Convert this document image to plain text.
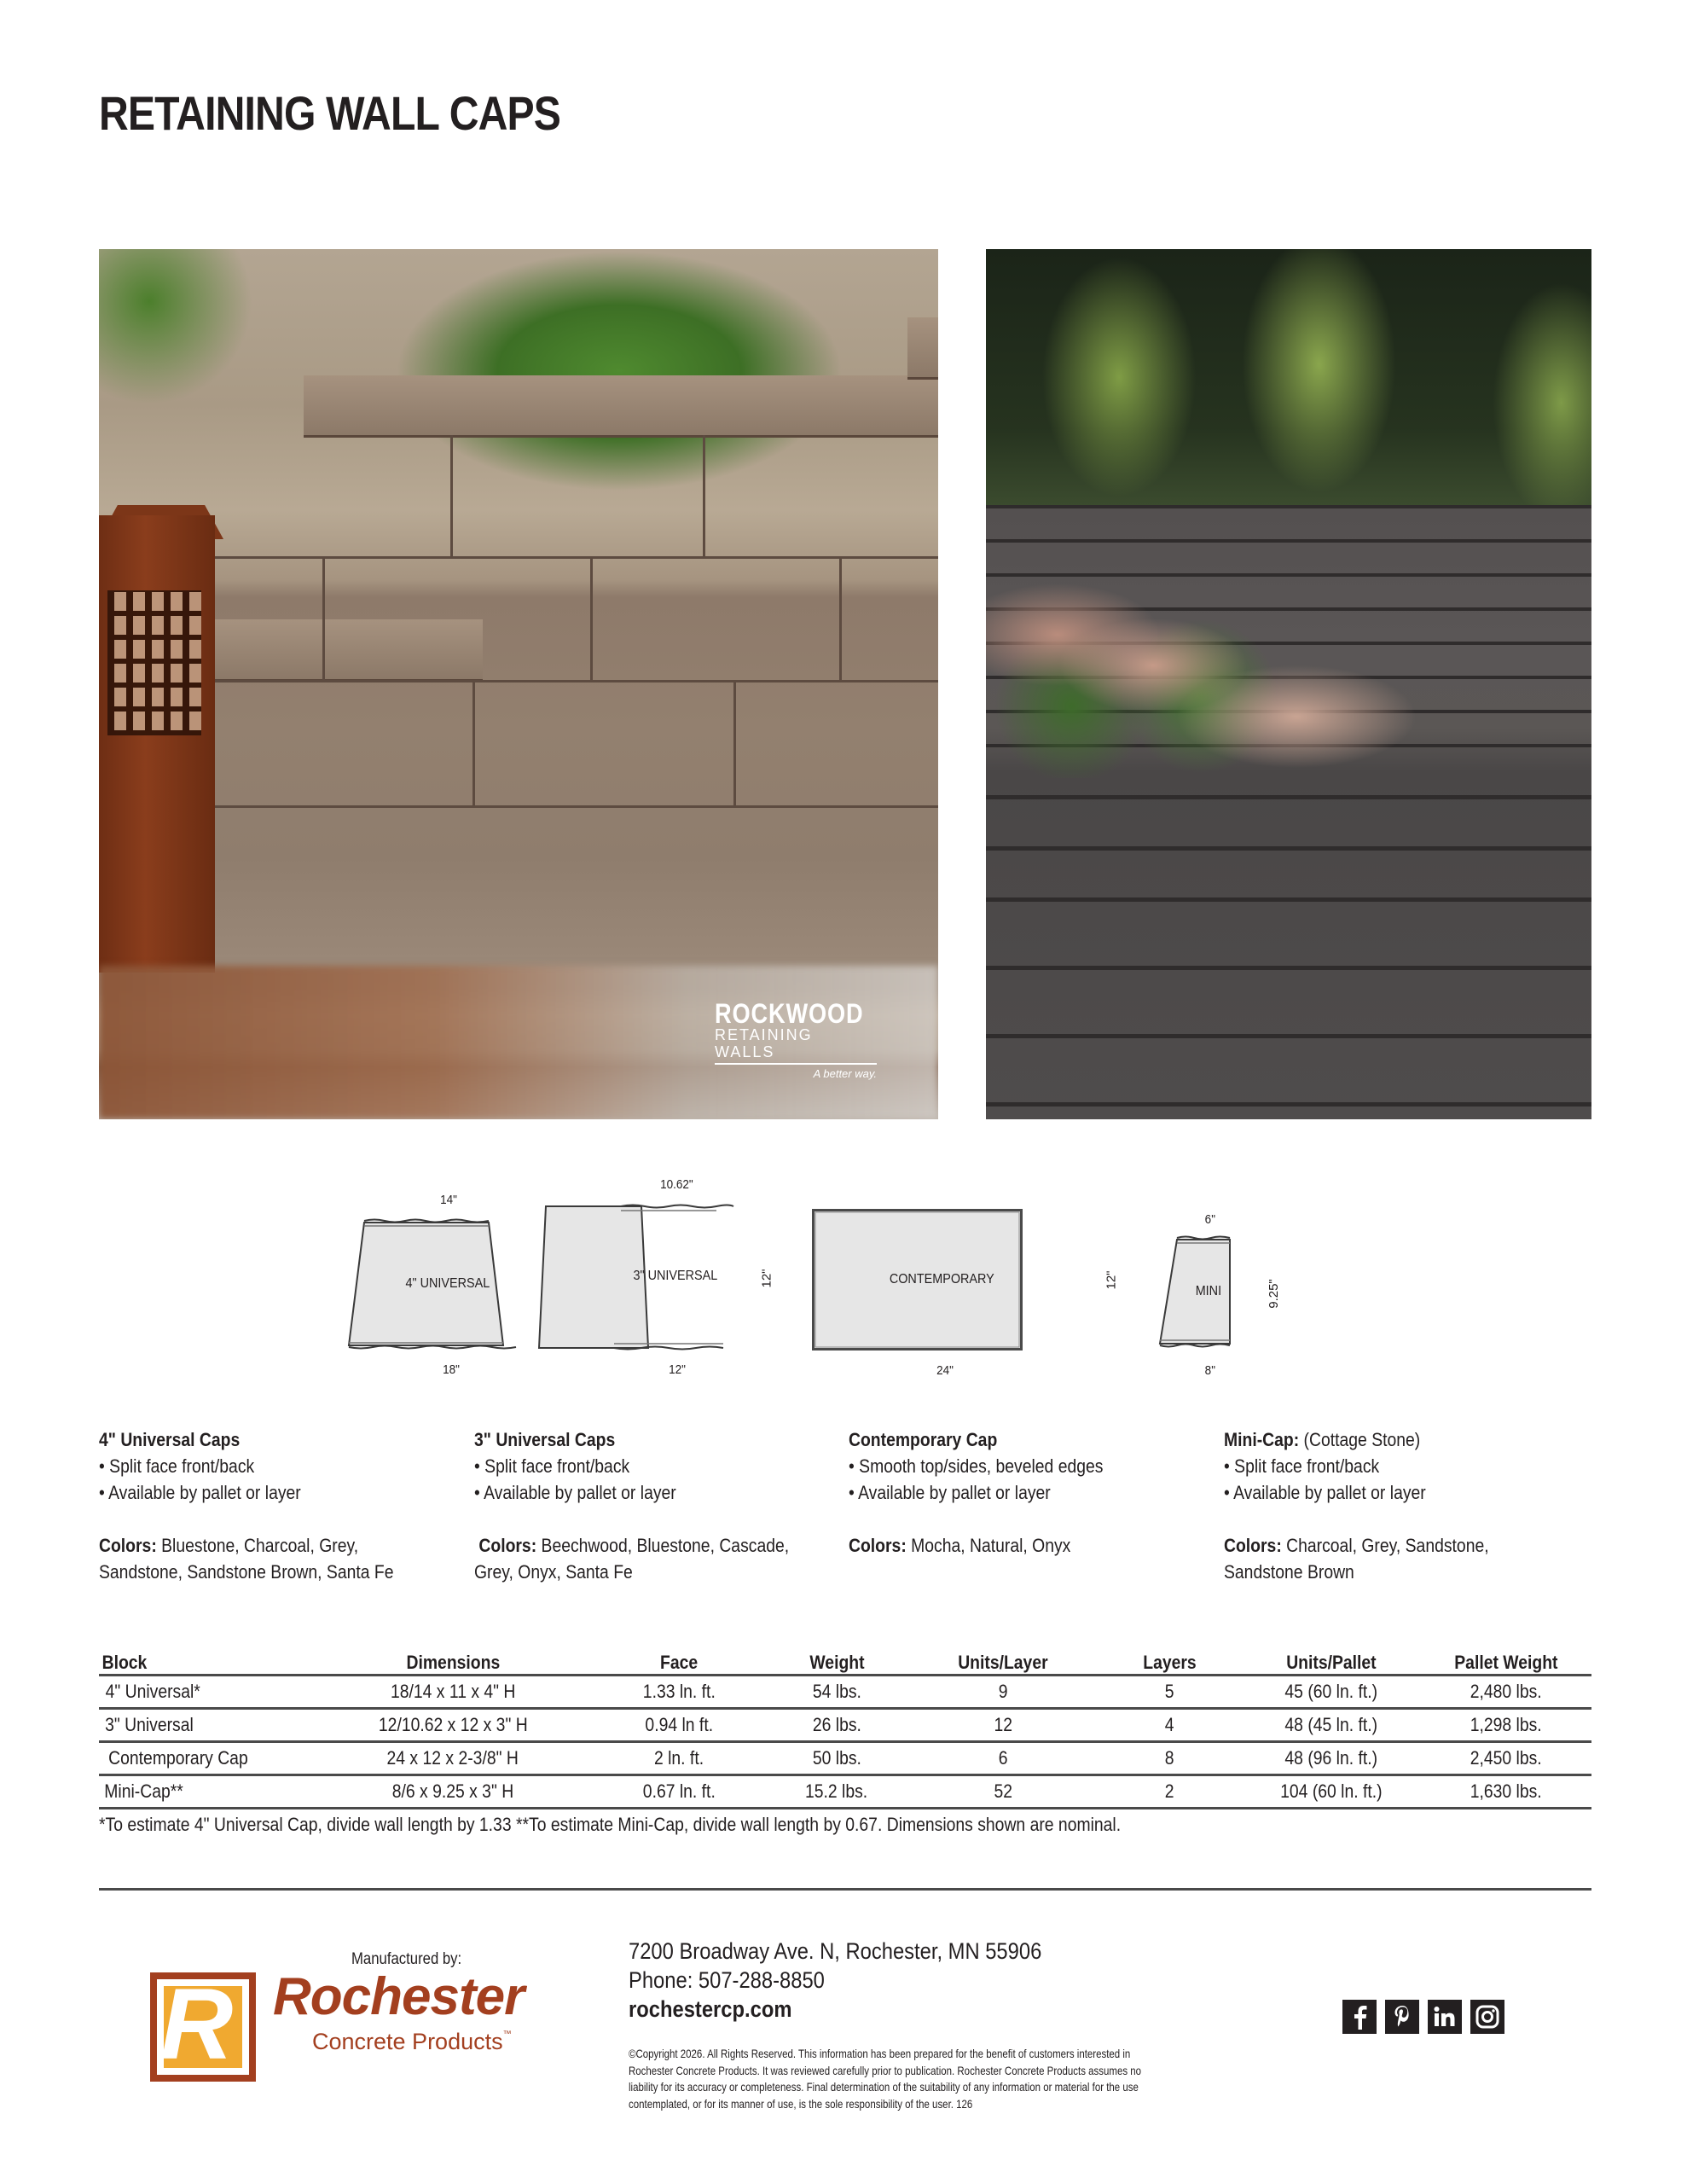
RETAINING WALL CAPS
ROCKWOOD
RETAINING WALLS
A better way.
14"
4" UNIVERSAL
18"
10.62"
3" UNIVERSAL	12"
12"
CONTEMPORARY	12"
24"
6"
MINI	9.25"
8"
4" Universal Caps
• Split face front/back
• Available by pallet or layer
Colors: Bluestone, Charcoal, Grey,
Sandstone, Sandstone Brown, Santa Fe
3" Universal Caps
• Split face front/back
• Available by pallet or layer
Colors: Beechwood, Bluestone, Cascade,
Grey, Onyx, Santa Fe
Contemporary Cap
• Smooth top/sides, beveled edges
• Available by pallet or layer
Colors: Mocha, Natural, Onyx
Mini-Cap: (Cottage Stone)
• Split face front/back
• Available by pallet or layer
Colors: Charcoal, Grey, Sandstone,
Sandstone Brown
Block	Dimensions	Face	Weight	Units/Layer	Layers	Units/Pallet	Pallet Weight
4" Universal*	18/14 x 11 x 4" H	1.33 ln. ft.	54 lbs.	9	5	45 (60 ln. ft.)	2,480 lbs.
3" Universal	12/10.62 x 12 x 3" H	0.94 ln ft.	26 lbs.	12	4	48 (45 ln. ft.)	1,298 lbs.
Contemporary Cap	24 x 12 x 2-3/8" H	2 ln. ft.	50 lbs.	6	8	48 (96 ln. ft.)	2,450 lbs.
Mini-Cap**	8/6 x 9.25 x 3" H	0.67 ln. ft.	15.2 lbs.	52	2	104 (60 ln. ft.)	1,630 lbs.
*To estimate 4" Universal Cap, divide wall length by 1.33 **To estimate Mini-Cap, divide wall length by 0.67. Dimensions shown are nominal.
Manufactured by:
R Rochester
Concrete Products™
7200 Broadway Ave. N, Rochester, MN 55906
Phone: 507-288-8850
rochestercp.com
©Copyright 2026. All Rights Reserved. This information has been prepared for the benefit of customers interested in
Rochester Concrete Products. It was reviewed carefully prior to publication. Rochester Concrete Products assumes no
liability for its accuracy or completeness. Final determination of the suitability of any information or material for the use
contemplated, or for its manner of use, is the sole responsibility of the user. 126
